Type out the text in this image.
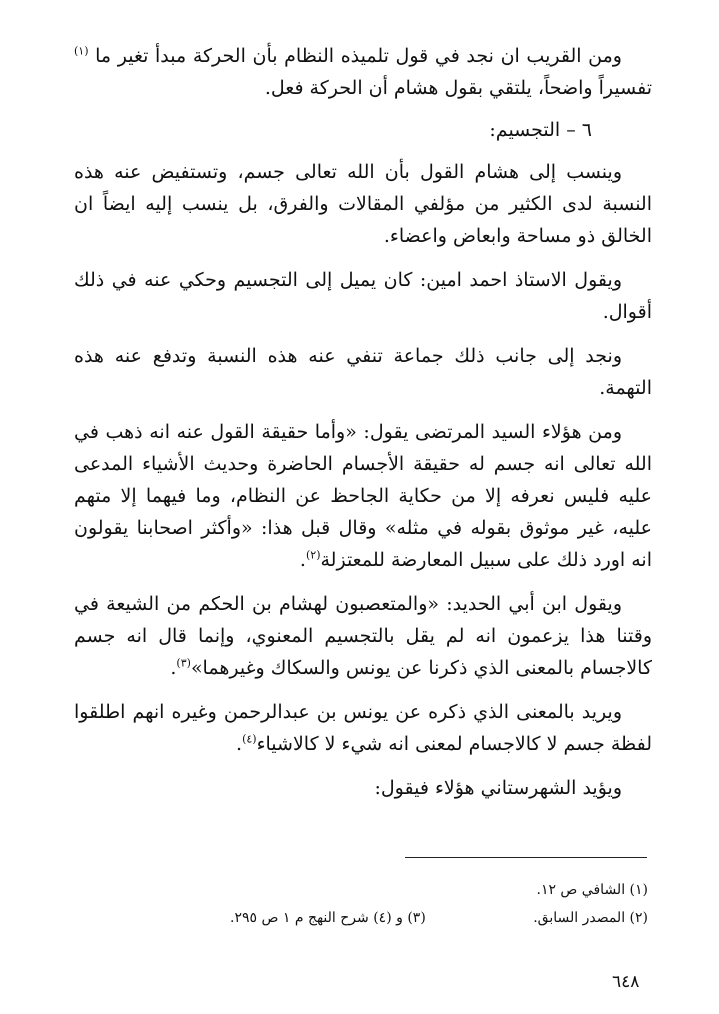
ومن القريب ان نجد في قول تلميذه النظام بأن الحركة مبدأ تغير ما $^{(١)}$ تفسيراً واضحاً، يلتقي بقول هشام أن الحركة فعل.

٦ – التجسيم:

وينسب إلى هشام القول بأن الله تعالى جسم، وتستفيض عنه هذه النسبة لدى الكثير من مؤلفي المقالات والفرق، بل ينسب إليه ايضاً ان الخالق ذو مساحة وابعاض واعضاء.

ويقول الاستاذ احمد امين: كان يميل إلى التجسيم وحكي عنه في ذلك أقوال.

ونجد إلى جانب ذلك جماعة تنفي عنه هذه النسبة وتدفع عنه هذه التهمة.

ومن هؤلاء السيد المرتضى يقول: «وأما حقيقة القول عنه انه ذهب في الله تعالى انه جسم له حقيقة الأجسام الحاضرة وحديث الأشياء المدعى عليه فليس نعرفه إلا من حكاية الجاحظ عن النظام، وما فيهما إلا متهم عليه، غير موثوق بقوله في مثله» وقال قبل هذا: «وأكثر اصحابنا يقولون انه اورد ذلك على سبيل المعارضة للمعتزلة$^{(٢)}$.

ويقول ابن أبي الحديد: «والمتعصبون لهشام بن الحكم من الشيعة في وقتنا هذا يزعمون انه لم يقل بالتجسيم المعنوي، وإنما قال انه جسم كالاجسام بالمعنى الذي ذكرنا عن يونس والسكاك وغيرهما»$^{(٣)}$.

ويريد بالمعنى الذي ذكره عن يونس بن عبدالرحمن وغيره انهم اطلقوا لفظة جسم لا كالاجسام لمعنى انه شيء لا كالاشياء$^{(٤)}$.

ويؤيد الشهرستاني هؤلاء فيقول:

(١) الشافي ص ١٢.
(٢) المصدر السابق.
(٣) و (٤) شرح النهج م ١ ص ٢٩٥.
٦٤٨
